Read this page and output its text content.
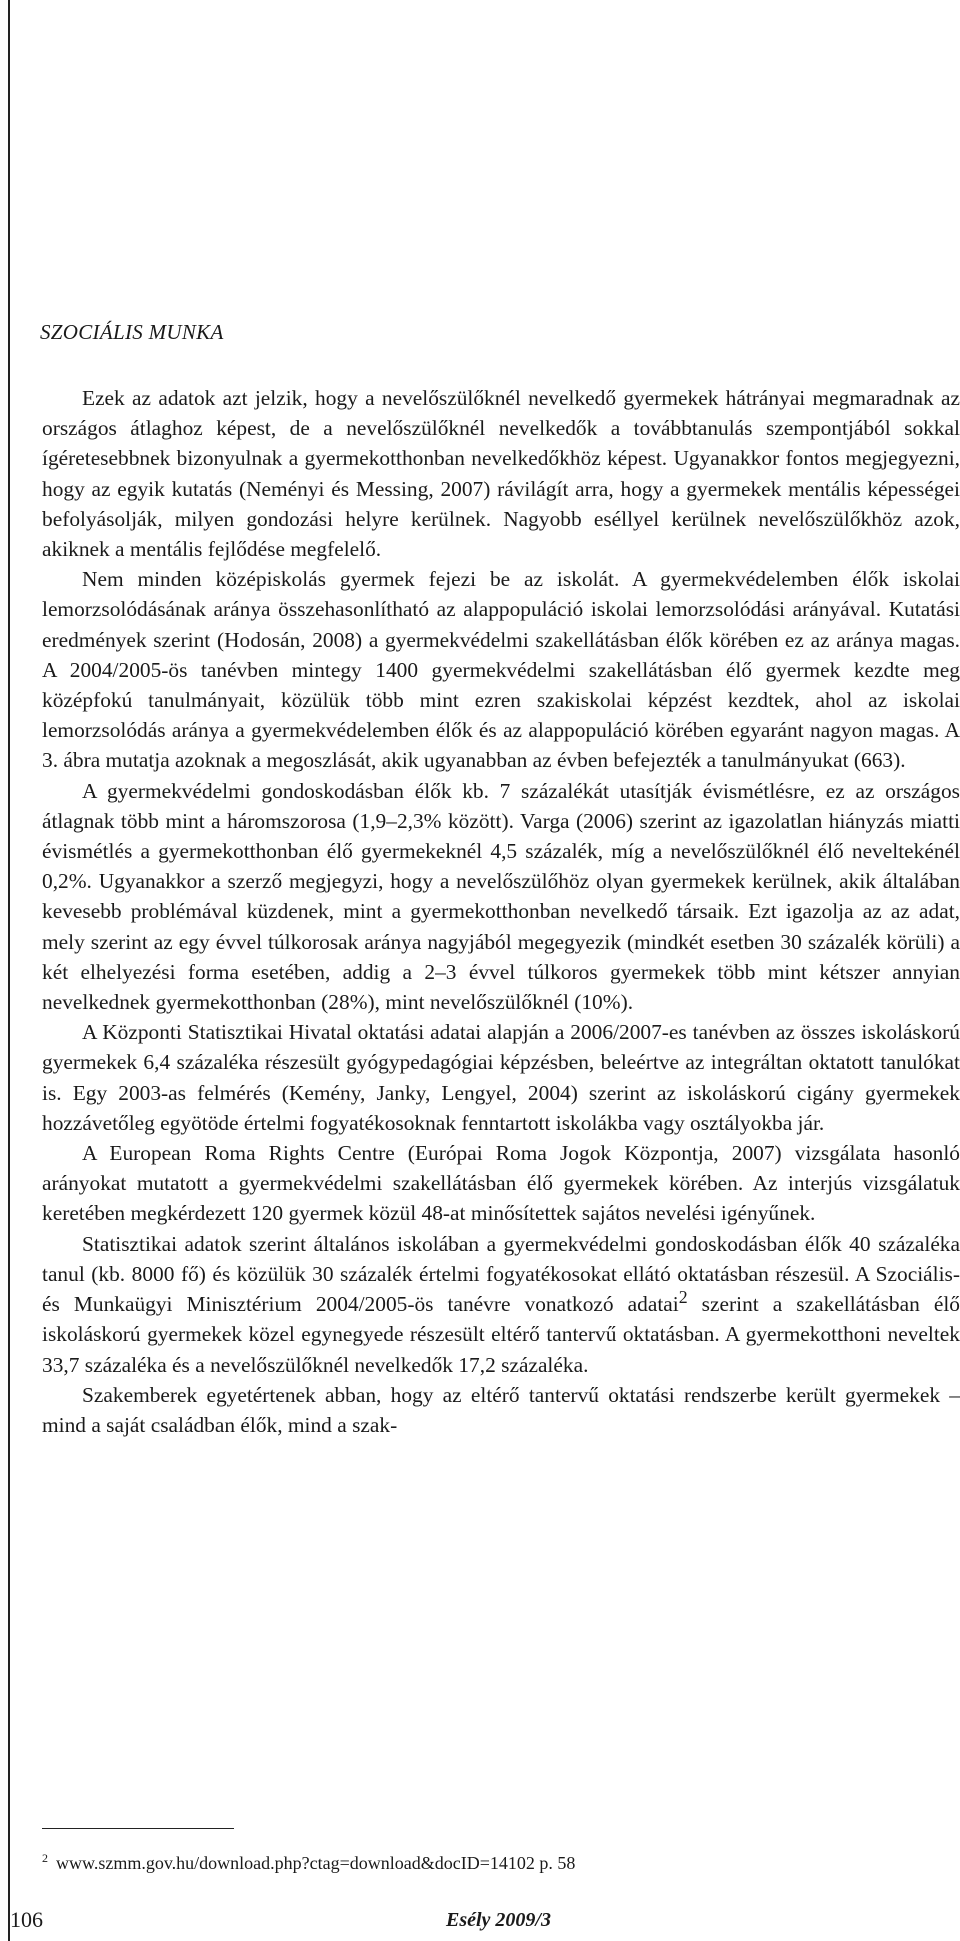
SZOCIÁLIS MUNKA

Ezek az adatok azt jelzik, hogy a nevelőszülőknél nevelkedő gyermekek hátrányai megmaradnak az országos átlaghoz képest, de a nevelőszülőknél nevelkedők a továbbtanulás szempontjából sokkal ígéretesebbnek bizonyulnak a gyermekotthonban nevelkedőkhöz képest. Ugyanakkor fontos megjegyezni, hogy az egyik kutatás (Neményi és Messing, 2007) rávilágít arra, hogy a gyermekek mentális képességei befolyásolják, milyen gondozási helyre kerülnek. Nagyobb eséllyel kerülnek nevelőszülőkhöz azok, akiknek a mentális fejlődése megfelelő.

Nem minden középiskolás gyermek fejezi be az iskolát. A gyermekvédelemben élők iskolai lemorzsolódásának aránya összehasonlítható az alappopuláció iskolai lemorzsolódási arányával. Kutatási eredmények szerint (Hodosán, 2008) a gyermekvédelmi szakellátásban élők körében ez az aránya magas. A 2004/2005-ös tanévben mintegy 1400 gyermekvédelmi szakellátásban élő gyermek kezdte meg középfokú tanulmányait, közülük több mint ezren szakiskolai képzést kezdtek, ahol az iskolai lemorzsolódás aránya a gyermekvédelemben élők és az alappopuláció körében egyaránt nagyon magas. A 3. ábra mutatja azoknak a megoszlását, akik ugyanabban az évben befejezték a tanulmányukat (663).

A gyermekvédelmi gondoskodásban élők kb. 7 százalékát utasítják évismétlésre, ez az országos átlagnak több mint a háromszorosa (1,9–2,3% között). Varga (2006) szerint az igazolatlan hiányzás miatti évismétlés a gyermekotthonban élő gyermekeknél 4,5 százalék, míg a nevelőszülőknél élő neveltekénél 0,2%. Ugyanakkor a szerző megjegyzi, hogy a nevelőszülőhöz olyan gyermekek kerülnek, akik általában kevesebb problémával küzdenek, mint a gyermekotthonban nevelkedő társaik. Ezt igazolja az az adat, mely szerint az egy évvel túlkorosak aránya nagyjából megegyezik (mindkét esetben 30 százalék körüli) a két elhelyezési forma esetében, addig a 2–3 évvel túlkoros gyermekek több mint kétszer annyian nevelkednek gyermekotthonban (28%), mint nevelőszülőknél (10%).

A Központi Statisztikai Hivatal oktatási adatai alapján a 2006/2007-es tanévben az összes iskoláskorú gyermekek 6,4 százaléka részesült gyógypedagógiai képzésben, beleértve az integráltan oktatott tanulókat is. Egy 2003-as felmérés (Kemény, Janky, Lengyel, 2004) szerint az iskoláskorú cigány gyermekek hozzávetőleg egyötöde értelmi fogyatékosoknak fenntartott iskolákba vagy osztályokba jár.

A European Roma Rights Centre (Európai Roma Jogok Központja, 2007) vizsgálata hasonló arányokat mutatott a gyermekvédelmi szakellátásban élő gyermekek körében. Az interjús vizsgálatuk keretében megkérdezett 120 gyermek közül 48-at minősítettek sajátos nevelési igényűnek.

Statisztikai adatok szerint általános iskolában a gyermekvédelmi gondoskodásban élők 40 százaléka tanul (kb. 8000 fő) és közülük 30 százalék értelmi fogyatékosokat ellátó oktatásban részesül. A Szociális- és Munkaügyi Minisztérium 2004/2005-ös tanévre vonatkozó adatai$^2$ szerint a szakellátásban élő iskoláskorú gyermekek közel egynegyede részesült eltérő tantervű oktatásban. A gyermekotthoni neveltek 33,7 százaléka és a nevelőszülőknél nevelkedők 17,2 százaléka.

Szakemberek egyetértenek abban, hogy az eltérő tantervű oktatási rendszerbe került gyermekek – mind a saját családban élők, mind a szak-

$^2$ www.szmm.gov.hu/download.php?ctag=download&docID=14102 p. 58
106	Esély 2009/3
